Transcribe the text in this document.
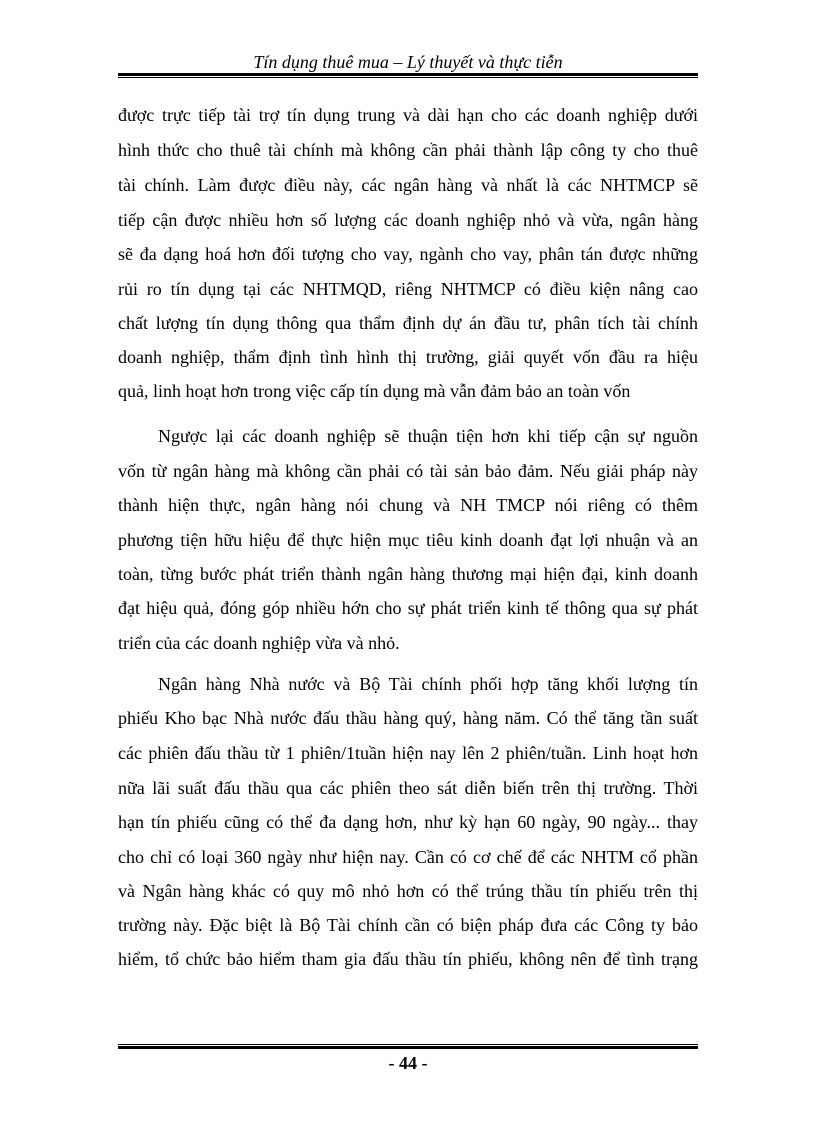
Tín dụng thuê mua – Lý thuyết và thực tiễn
được trực tiếp tài trợ tín dụng trung và dài hạn cho các doanh nghiệp dưới
hình thức cho thuê tài chính mà không cần phải thành lập công ty cho thuê
tài chính. Làm được điều này, các ngân hàng và nhất là các NHTMCP sẽ
tiếp cận được nhiều hơn số lượng các doanh nghiệp nhỏ và vừa, ngân hàng
sẽ đa dạng hoá hơn đối tượng cho vay, ngành cho vay, phân tán được những
rủi ro tín dụng tại các NHTMQD, riêng NHTMCP có điều kiện nâng cao
chất lượng tín dụng thông qua thẩm định dự án đầu tư, phân tích tài chính
doanh nghiệp, thẩm định tình hình thị trường, giải quyết vốn đầu ra hiệu
quả, linh hoạt hơn trong việc cấp tín dụng mà vẫn đảm bảo an toàn vốn
Ngược lại các doanh nghiệp sẽ thuận tiện hơn khi tiếp cận sự nguồn
vốn từ ngân hàng mà không cần phải có tài sản bảo đảm. Nếu giải pháp này
thành hiện thực, ngân hàng nói chung và NH TMCP nói riêng có thêm
phương tiện hữu hiệu để thực hiện mục tiêu kinh doanh đạt lợi nhuận và an
toàn, từng bước phát triển thành ngân hàng thương mại hiện đại, kinh doanh
đạt hiệu quả, đóng góp nhiều hớn cho sự phát triển kinh tế thông qua sự phát
triển của các doanh nghiệp vừa và nhỏ.
Ngân hàng Nhà nước và Bộ Tài chính phối hợp tăng khối lượng tín
phiếu Kho bạc Nhà nước đấu thầu hàng quý, hàng năm. Có thể tăng tần suất
các phiên đấu thầu từ 1 phiên/1tuần hiện nay lên 2 phiên/tuần. Linh hoạt hơn
nữa lãi suất đấu thầu qua các phiên theo sát diễn biến trên thị trường. Thời
hạn tín phiếu cũng có thể đa dạng hơn, như kỳ hạn 60 ngày, 90 ngày... thay
cho chỉ có loại 360 ngày như hiện nay. Cần có cơ chế để các NHTM cổ phần
và Ngân hàng khác có quy mô nhỏ hơn có thể trúng thầu tín phiếu trên thị
trường này. Đặc biệt là Bộ Tài chính cần có biện pháp đưa các Công ty bảo
hiểm, tổ chức bảo hiểm tham gia đấu thầu tín phiếu, không nên để tình trạng
- 44 -
